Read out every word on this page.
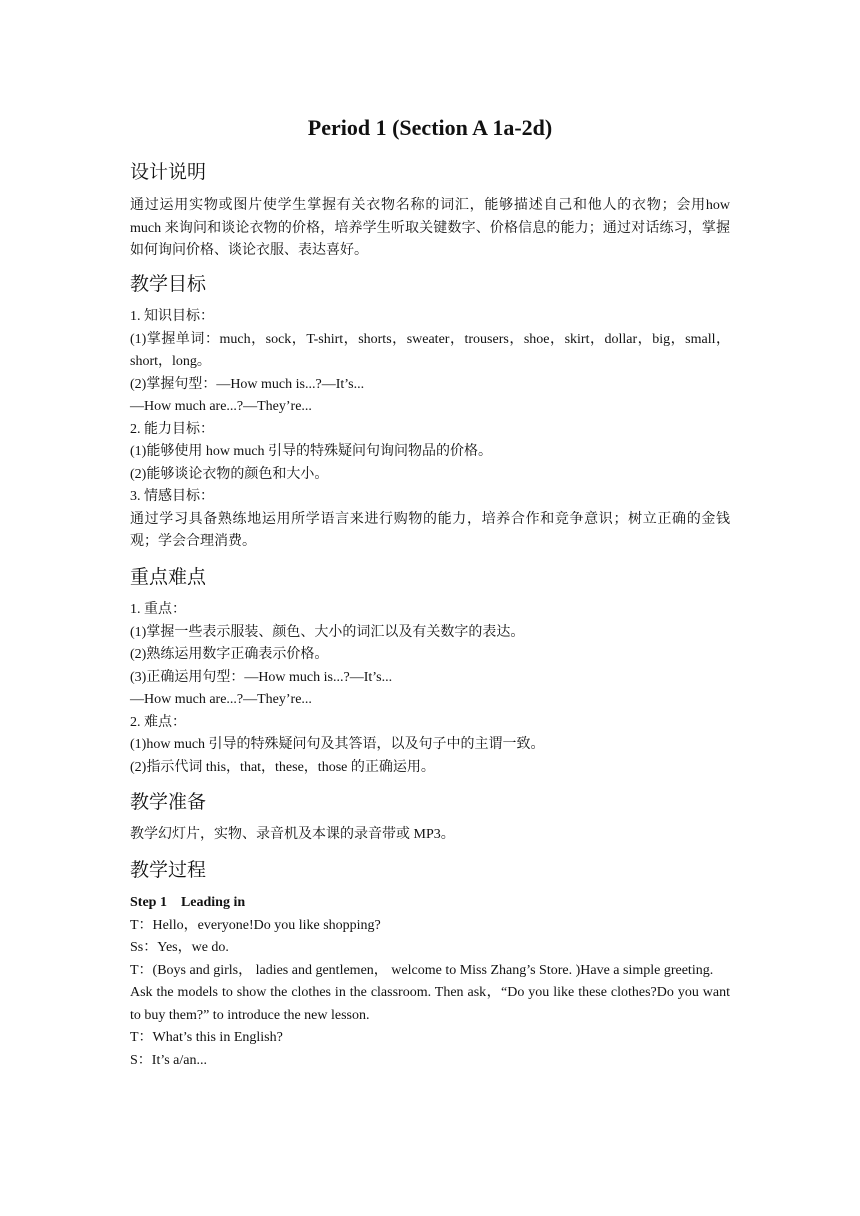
Period 1 (Section A 1a-2d)
设计说明

通过运用实物或图片使学生掌握有关衣物名称的词汇，能够描述自己和他人的衣物；会用how much 来询问和谈论衣物的价格，培养学生听取关键数字、价格信息的能力；通过对话练习，掌握如何询问价格、谈论衣服、表达喜好。

教学目标

1. 知识目标：

(1)掌握单词：much，sock，T-shirt，shorts，sweater，trousers，shoe，skirt，dollar，big，small，short，long。

(2)掌握句型：—How much is...?—It’s...

—How much are...?—They’re...

2. 能力目标：

(1)能够使用 how much 引导的特殊疑问句询问物品的价格。

(2)能够谈论衣物的颜色和大小。

3. 情感目标：

通过学习具备熟练地运用所学语言来进行购物的能力，培养合作和竞争意识；树立正确的金钱观；学会合理消费。

重点难点

1. 重点：

(1)掌握一些表示服装、颜色、大小的词汇以及有关数字的表达。

(2)熟练运用数字正确表示价格。

(3)正确运用句型：—How much is...?—It’s...

—How much are...?—They’re...

2. 难点：

(1)how much 引导的特殊疑问句及其答语，以及句子中的主谓一致。

(2)指示代词 this，that，these，those 的正确运用。

教学准备

教学幻灯片，实物、录音机及本课的录音带或 MP3。

教学过程

Step 1 Leading in

T：Hello，everyone!Do you like shopping?

Ss：Yes，we do.

T：(Boys and girls， ladies and gentlemen， welcome to Miss Zhang’s Store. )Have a simple greeting.

Ask the models to show the clothes in the classroom. Then ask，“Do you like these clothes?Do you want to buy them?” to introduce the new lesson.

T：What’s this in English?

S：It’s a/an...
